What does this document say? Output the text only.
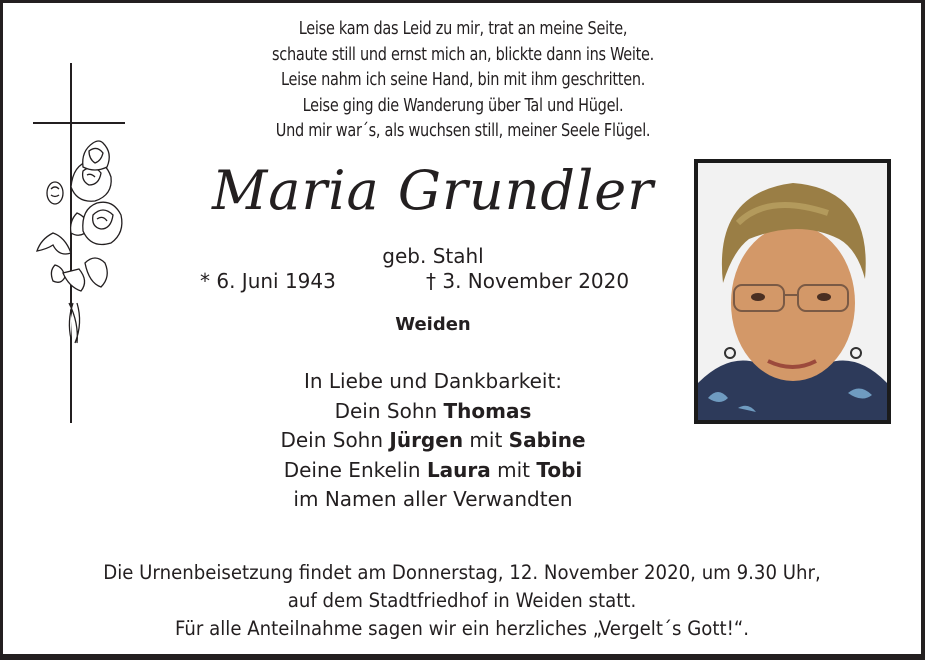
Leise kam das Leid zu mir, trat an meine Seite,
schaute still und ernst mich an, blickte dann ins Weite.
Leise nahm ich seine Hand, bin mit ihm geschritten.
Leise ging die Wanderung über Tal und Hügel.
Und mir war´s, als wuchsen still, meiner Seele Flügel.
Maria Grundler
geb. Stahl
* 6. Juni 1943	† 3. November 2020
Weiden
In Liebe und Dankbarkeit:
Dein Sohn Thomas
Dein Sohn Jürgen mit Sabine
Deine Enkelin Laura mit Tobi
im Namen aller Verwandten
Die Urnenbeisetzung findet am Donnerstag, 12. November 2020, um 9.30 Uhr,
auf dem Stadtfriedhof in Weiden statt.
Für alle Anteilnahme sagen wir ein herzliches „Vergelt´s Gott!“.
